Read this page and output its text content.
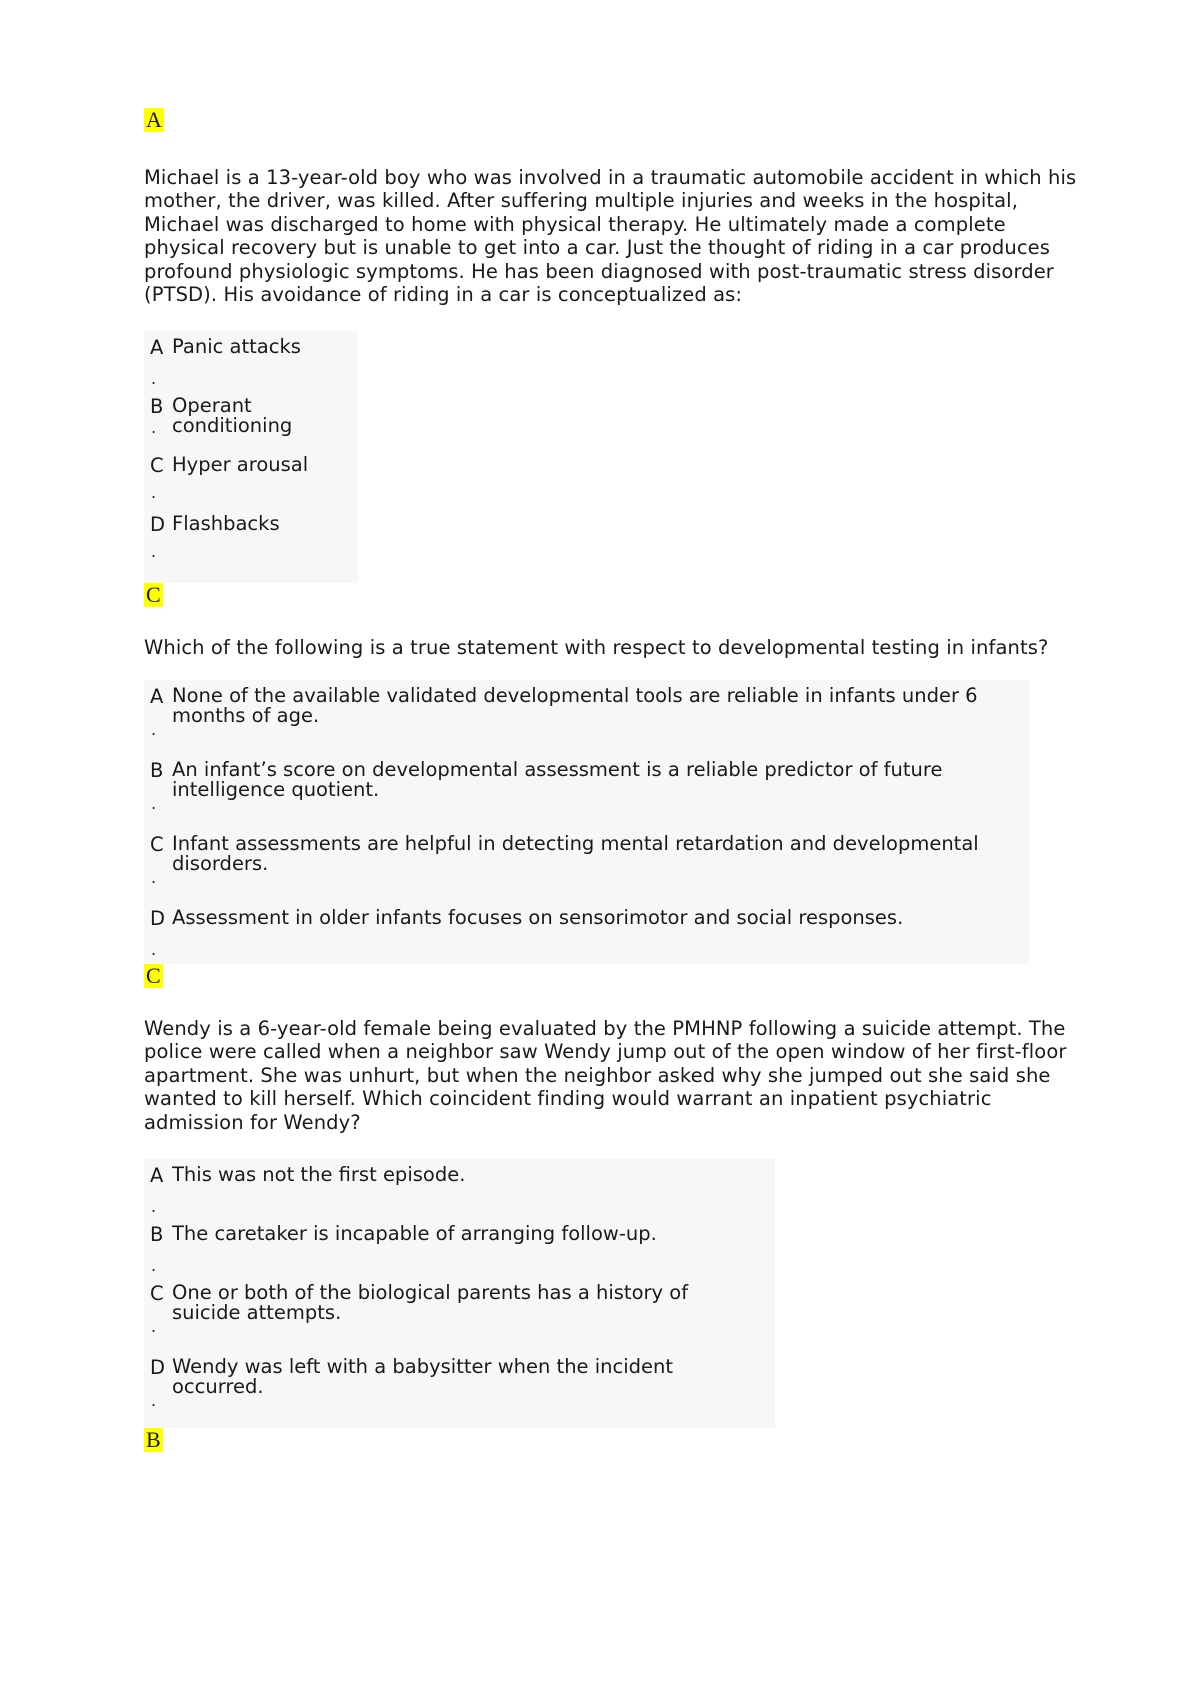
A
Michael is a 13-year-old boy who was involved in a traumatic automobile accident in which his mother, the driver, was killed. After suffering multiple injuries and weeks in the hospital, Michael was discharged to home with physical therapy. He ultimately made a complete physical recovery but is unable to get into a car. Just the thought of riding in a car produces profound physiologic symptoms. He has been diagnosed with post-traumatic stress disorder (PTSD). His avoidance of riding in a car is conceptualized as:
A
.
Panic attacks
B
.
Operant conditioning
C
.
Hyper arousal
D
.
Flashbacks
C
Which of the following is a true statement with respect to developmental testing in infants?
A
.
None of the available validated developmental tools are reliable in infants under 6 months of age.
B
.
An infant’s score on developmental assessment is a reliable predictor of future intelligence quotient.
C
.
Infant assessments are helpful in detecting mental retardation and developmental disorders.
D
.
Assessment in older infants focuses on sensorimotor and social responses.
C
Wendy is a 6-year-old female being evaluated by the PMHNP following a suicide attempt. The police were called when a neighbor saw Wendy jump out of the open window of her first-floor apartment. She was unhurt, but when the neighbor asked why she jumped out she said she wanted to kill herself. Which coincident finding would warrant an inpatient psychiatric admission for Wendy?
A
.
This was not the first episode.
B
.
The caretaker is incapable of arranging follow-up.
C
.
One or both of the biological parents has a history of suicide attempts.
D
.
Wendy was left with a babysitter when the incident occurred.
B
